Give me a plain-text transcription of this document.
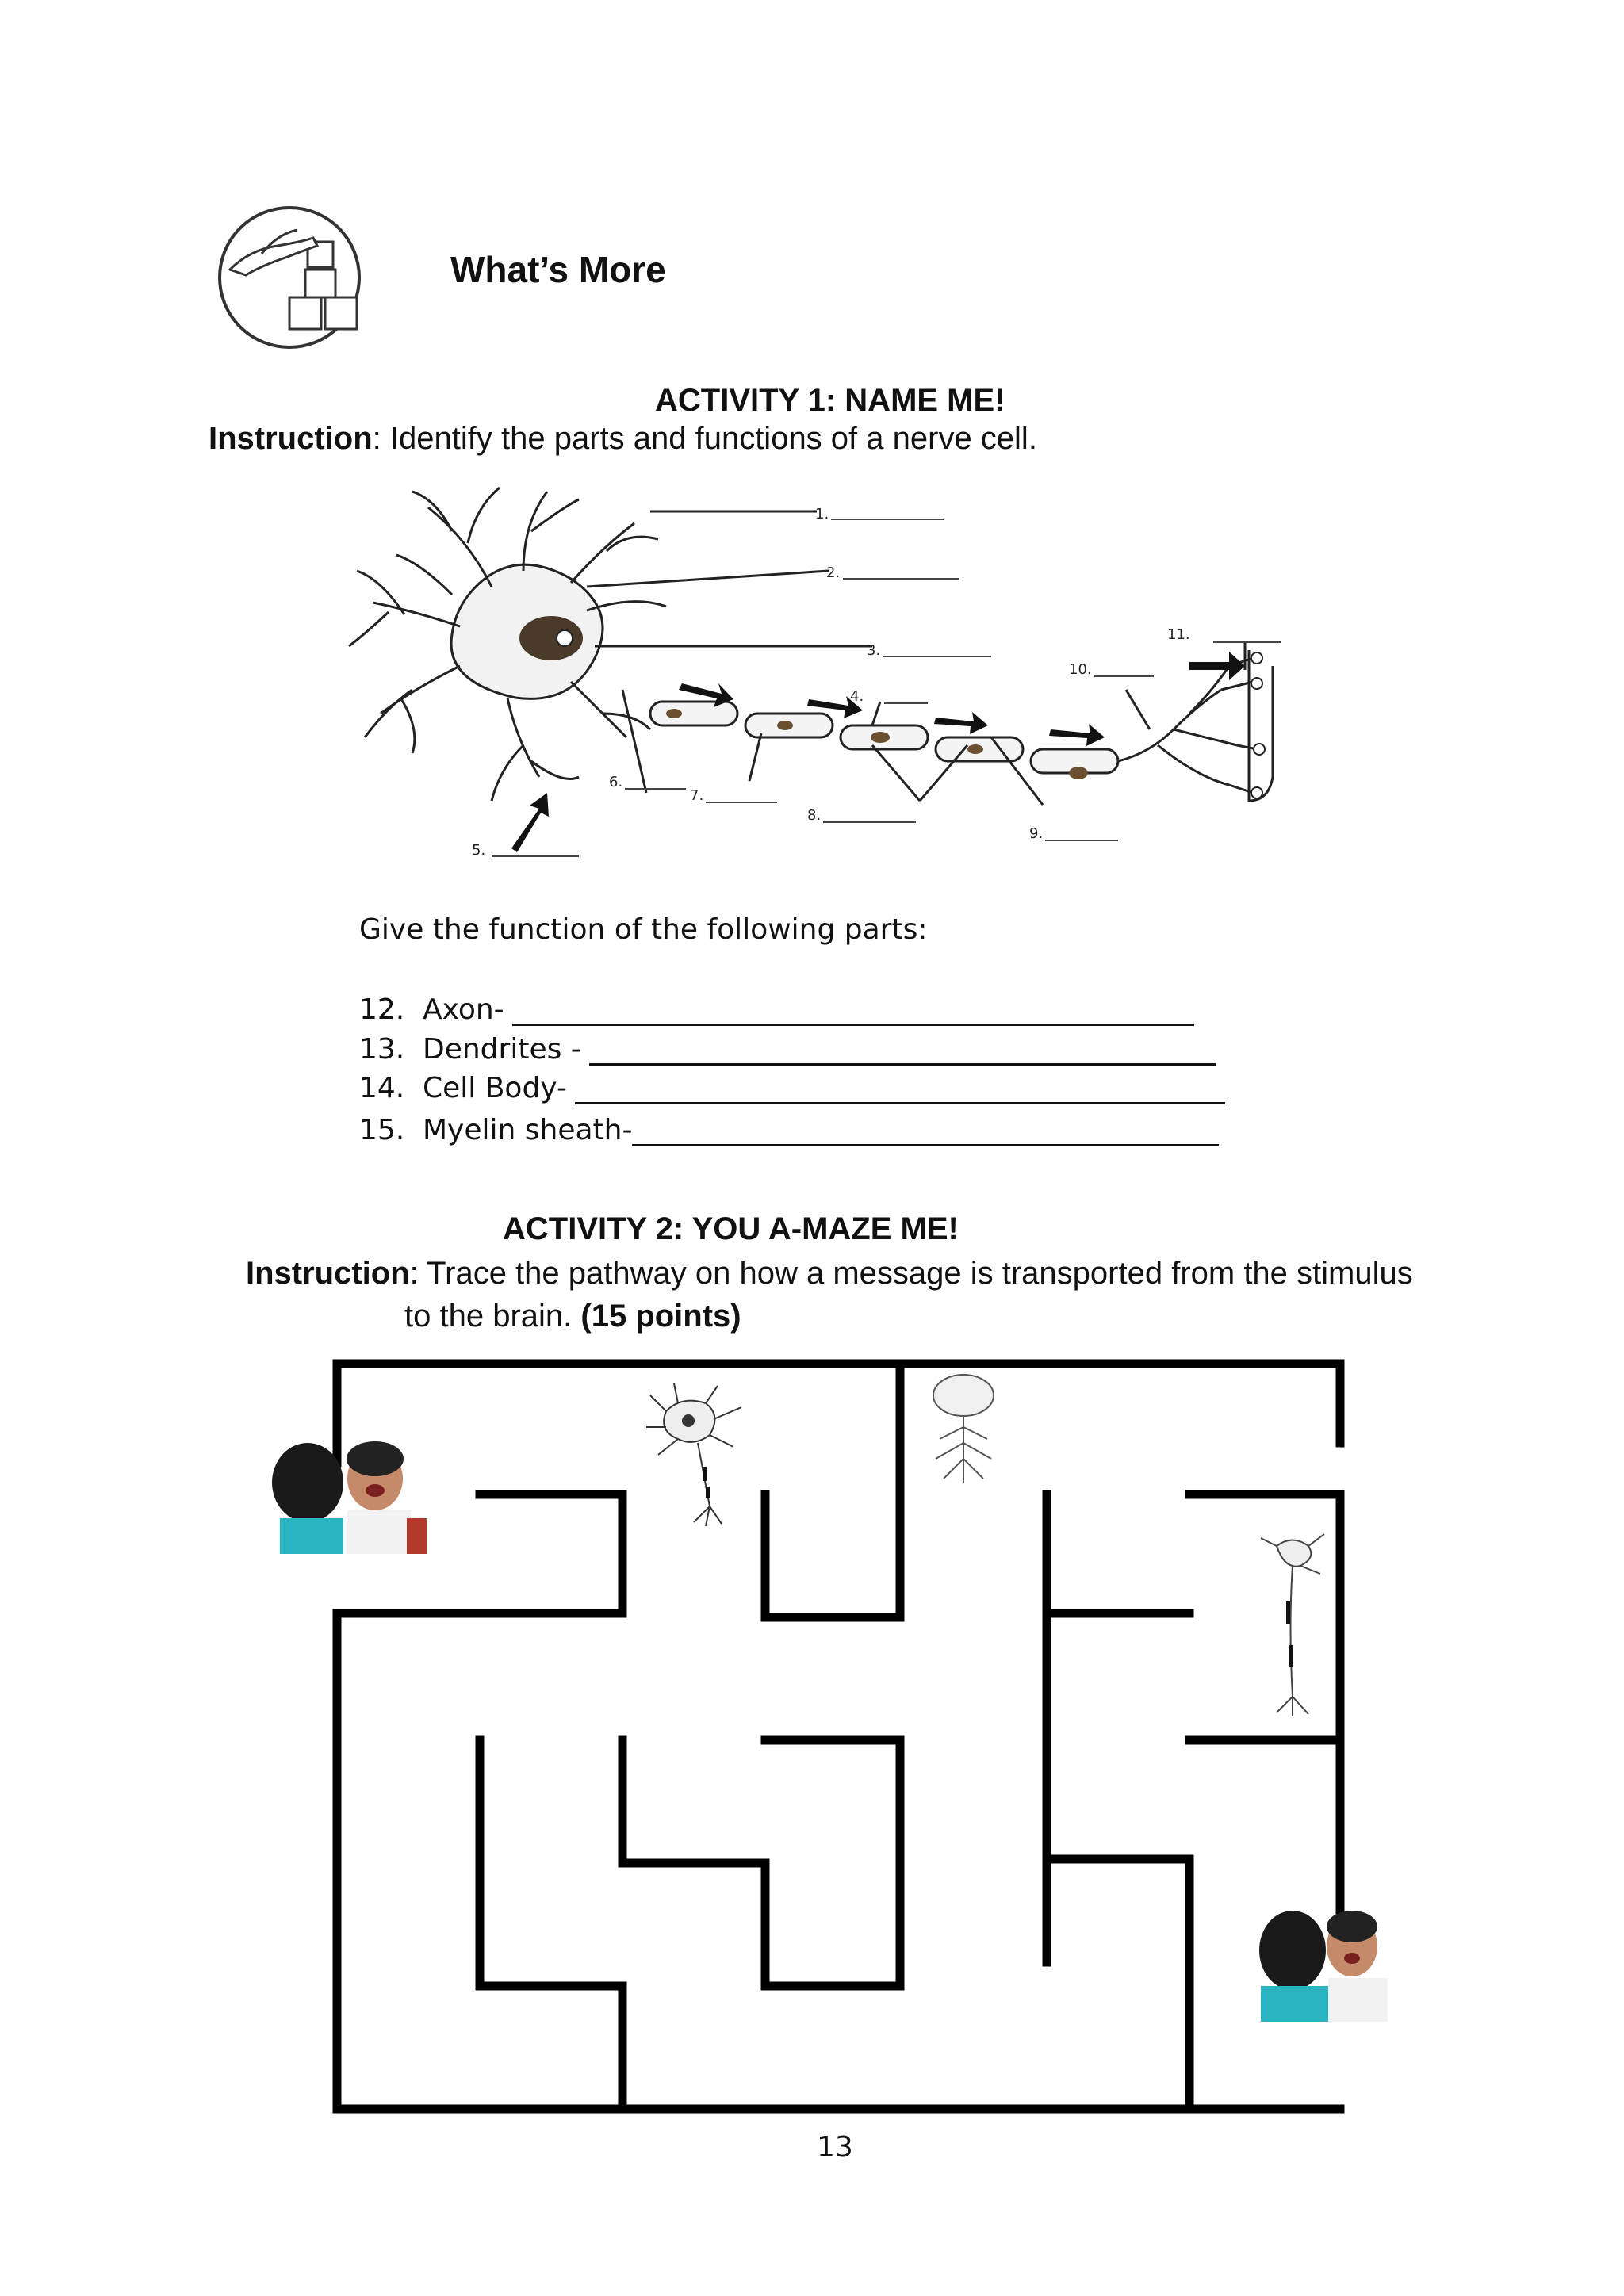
What’s More
ACTIVITY 1: NAME ME!
Instruction: Identify the parts and functions of a nerve cell.
1.
2.
3.
4.
5.
6.
7.
8.
9.
10.
11.
Give the function of the following parts:
12. Axon-
13. Dendrites -
14. Cell Body-
15. Myelin sheath-
ACTIVITY 2: YOU A-MAZE ME!
Instruction: Trace the pathway on how a message is transported from the stimulus
to the brain. (15 points)
13
